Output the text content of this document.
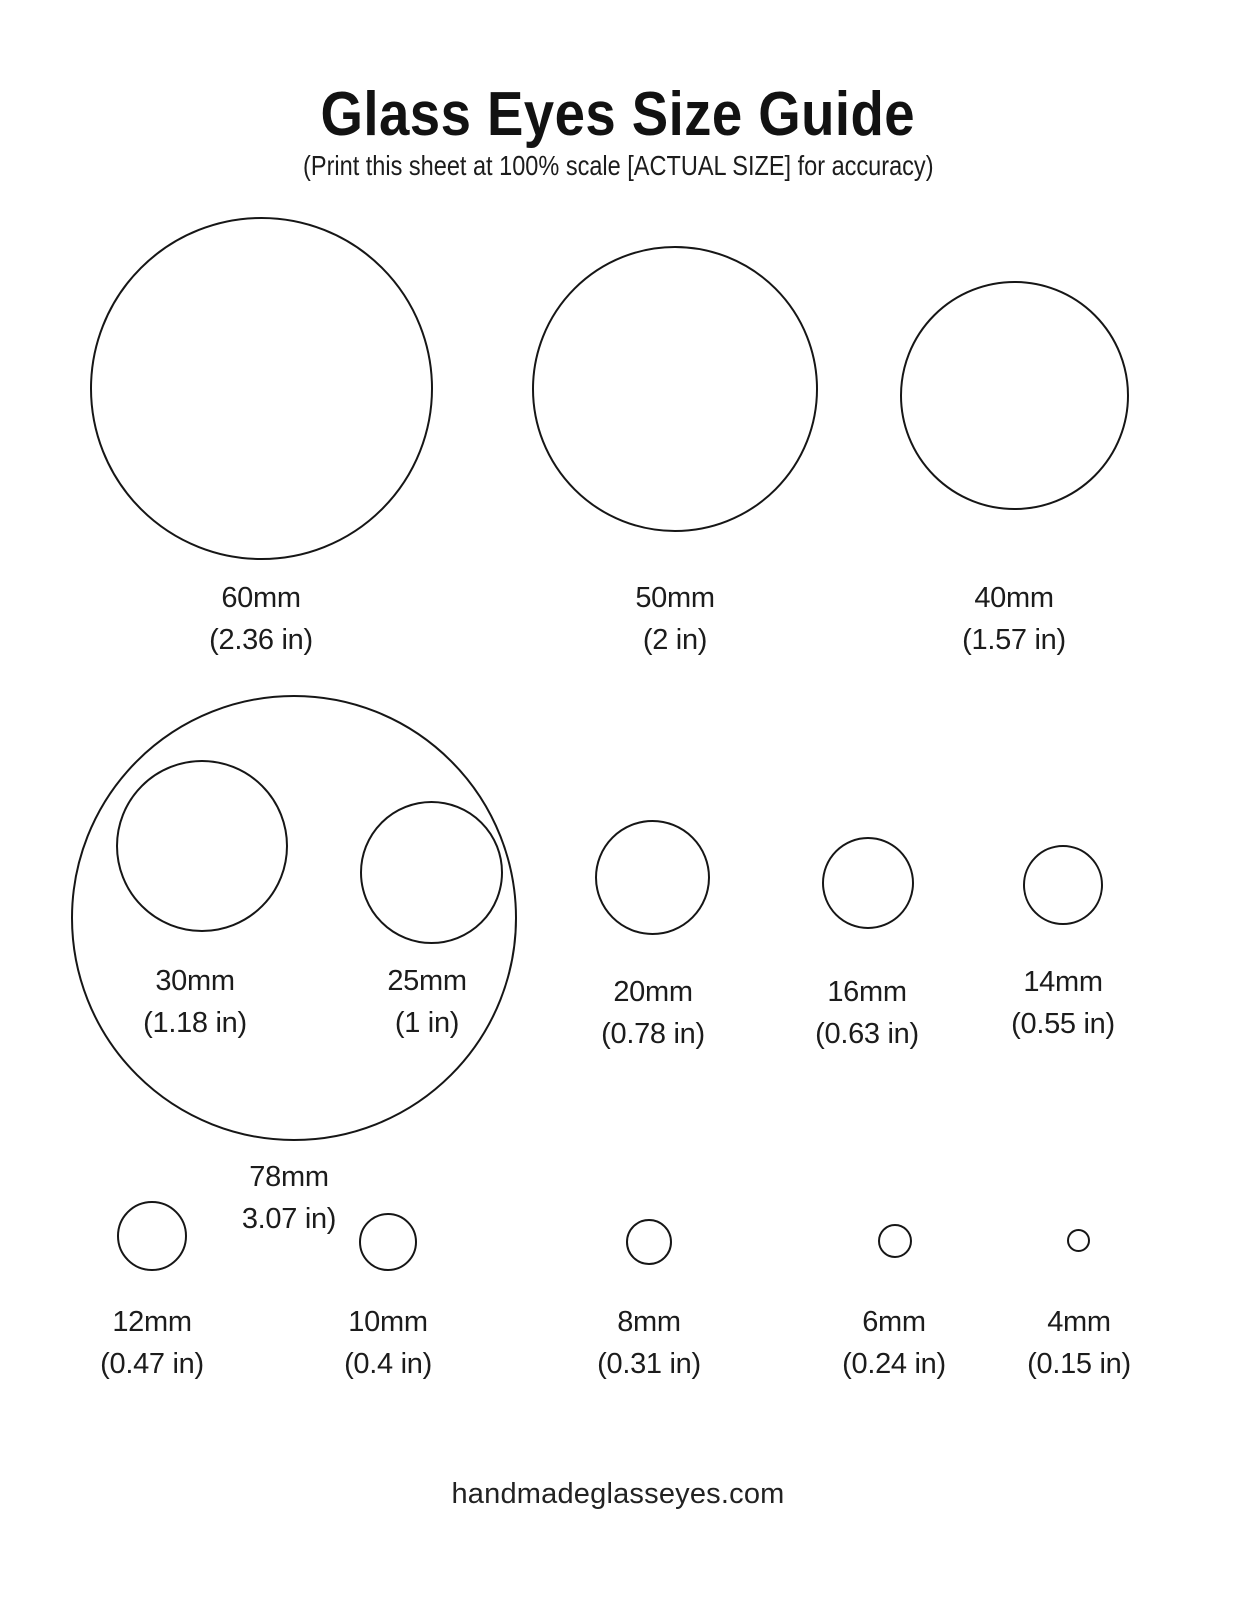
Glass Eyes Size Guide

(Print this sheet at 100% scale [ACTUAL SIZE] for accuracy)

60mm
(2.36 in)
50mm
(2 in)
40mm
(1.57 in)
30mm
(1.18 in)
25mm
(1 in)
78mm
3.07 in)
20mm
(0.78 in)
16mm
(0.63 in)
14mm
(0.55 in)
12mm
(0.47 in)
10mm
(0.4 in)
8mm
(0.31 in)
6mm
(0.24 in)
4mm
(0.15 in)

handmadeglasseyes.com
